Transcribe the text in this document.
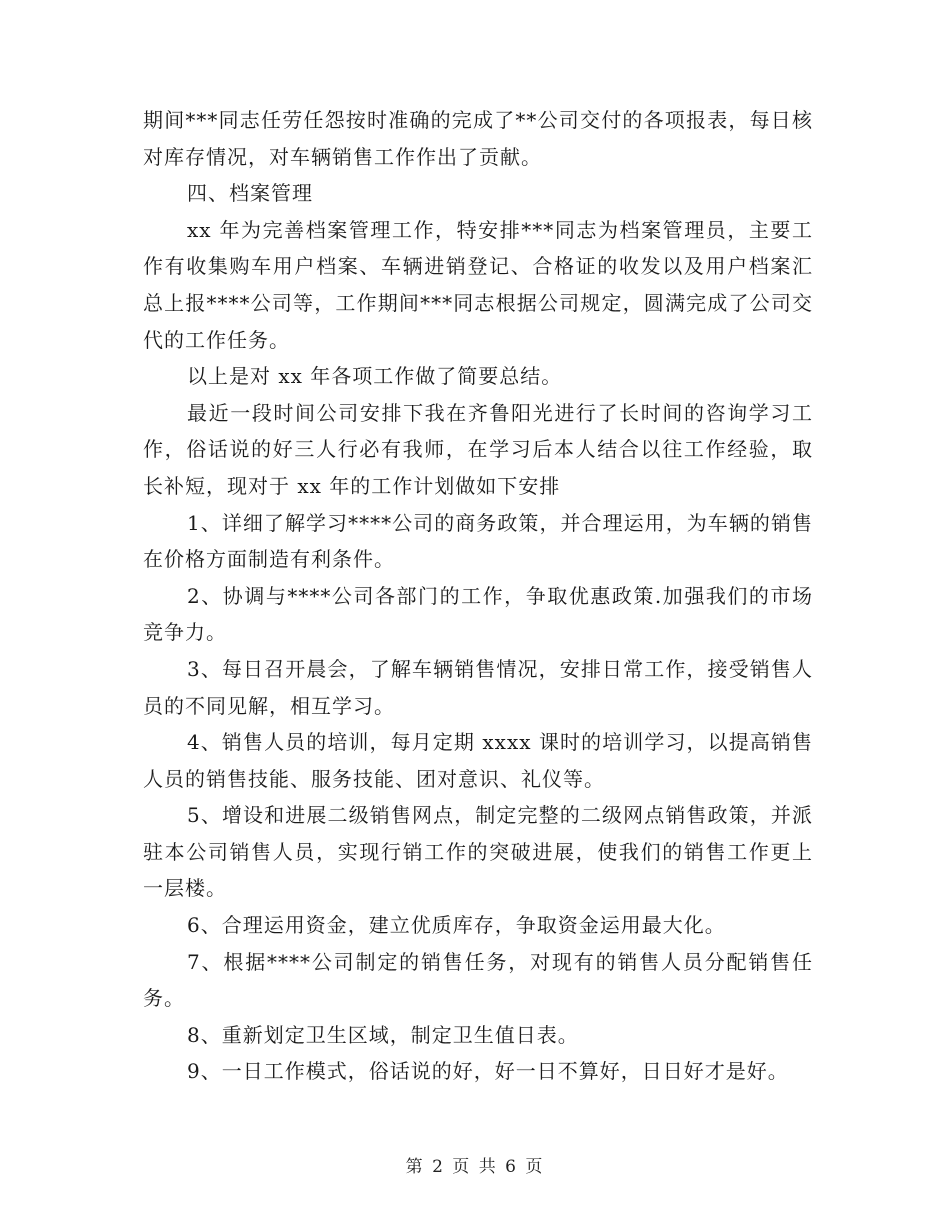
期间***同志任劳任怨按时准确的完成了**公司交付的各项报表，每日核对库存情况，对车辆销售工作作出了贡献。

四、档案管理

xx 年为完善档案管理工作，特安排***同志为档案管理员，主要工作有收集购车用户档案、车辆进销登记、合格证的收发以及用户档案汇总上报****公司等，工作期间***同志根据公司规定，圆满完成了公司交代的工作任务。

以上是对 xx 年各项工作做了简要总结。

最近一段时间公司安排下我在齐鲁阳光进行了长时间的咨询学习工作，俗话说的好三人行必有我师，在学习后本人结合以往工作经验，取长补短，现对于 xx 年的工作计划做如下安排

1、详细了解学习****公司的商务政策，并合理运用，为车辆的销售在价格方面制造有利条件。

2、协调与****公司各部门的工作，争取优惠政策.加强我们的市场竞争力。

3、每日召开晨会，了解车辆销售情况，安排日常工作，接受销售人员的不同见解，相互学习。

4、销售人员的培训，每月定期 xxxx 课时的培训学习，以提高销售人员的销售技能、服务技能、团对意识、礼仪等。

5、增设和进展二级销售网点，制定完整的二级网点销售政策，并派驻本公司销售人员，实现行销工作的突破进展，使我们的销售工作更上一层楼。

6、合理运用资金，建立优质库存，争取资金运用最大化。

7、根据****公司制定的销售任务，对现有的销售人员分配销售任务。

8、重新划定卫生区域，制定卫生值日表。

9、一日工作模式，俗话说的好，好一日不算好，日日好才是好。

第 2 页 共 6 页
